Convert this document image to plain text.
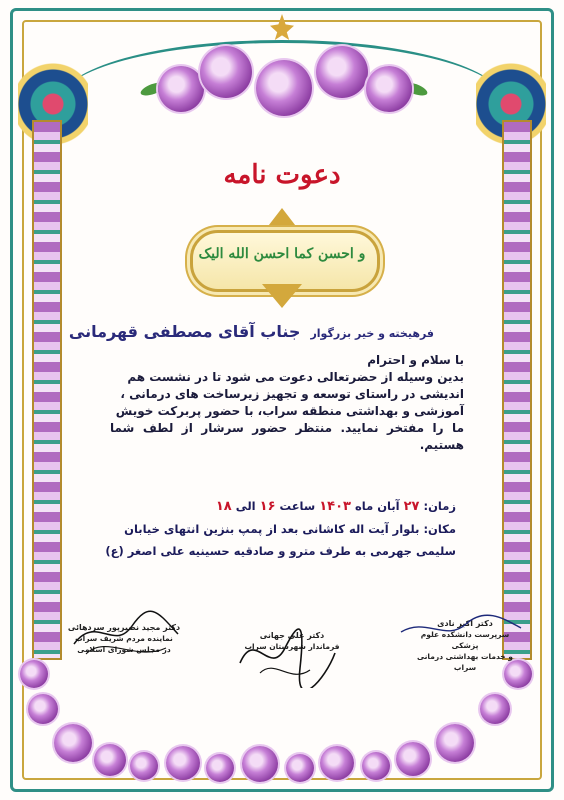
دعوت نامه
و احسن کما احسن الله الیک
فرهیخته و خیر بزرگوار
جناب آقای مصطفی قهرمانی

با سلام و احترام

بدین وسیله از حضرتعالی دعوت می شود تا در نشست هم

اندیشی در راستای توسعه و تجهیز زیرساخت های درمانی ،

آموزشی و بهداشتی منطقه سراب، با حضور پربرکت خویش

ما را مفتخر نمایید. منتظر حضور سرشار از لطف شما هستیم.

زمان: ۲۷ آبان ماه ۱۴۰۳ ساعت ۱۶ الی ۱۸
مکان: بلوار آیت اله کاشانی بعد از پمپ بنزین انتهای خیابان
سلیمی جهرمی به طرف مترو و صادقیه حسینیه علی اصغر (ع)
دکتر اکبر نادی
سرپرست دانشکده علوم پزشکی
و خدمات بهداشتی درمانی سراب
دکتر علی جهانی
فرماندار شهرستان سراب
دکتر مجید نصیرپور سردهائی
نماینده مردم شریف سراب
در مجلس شورای اسلامی
